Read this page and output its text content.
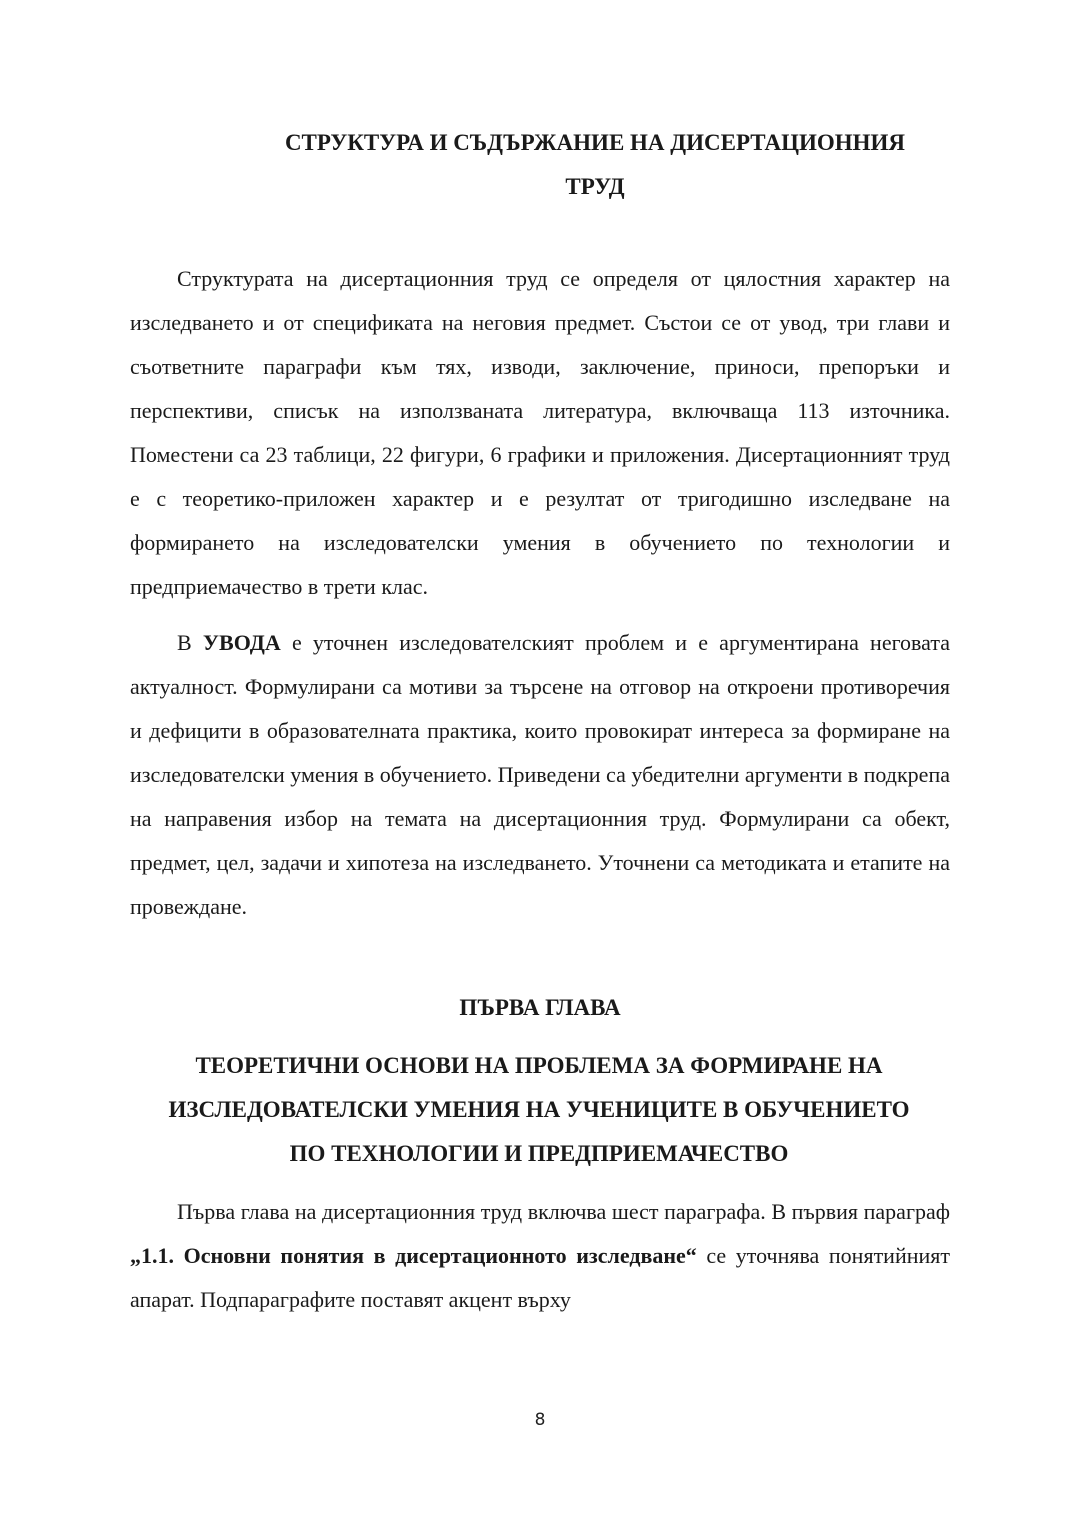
СТРУКТУРА И СЪДЪРЖАНИЕ НА ДИСЕРТАЦИОННИЯ

ТРУД

Структурата на дисертационния труд се определя от цялостния характер на изследването и от спецификата на неговия предмет. Състои се от увод, три глави и съответните параграфи към тях, изводи, заключение, приноси, препоръки и перспективи, списък на използваната литература, включваща 113 източника. Поместени са 23 таблици, 22 фигури, 6 графики и приложения. Дисертационният труд е с теоретико-приложен характер и е резултат от тригодишно изследване на формирането на изследователски умения в обучението по технологии и предприемачество в трети клас.

В УВОДА е уточнен изследователският проблем и е аргументирана неговата актуалност. Формулирани са мотиви за търсене на отговор на откроени противоречия и дефицити в образователната практика, които провокират интереса за формиране на изследователски умения в обучението. Приведени са убедителни аргументи в подкрепа на направения избор на темата на дисертационния труд. Формулирани са обект, предмет, цел, задачи и хипотеза на изследването. Уточнени са методиката и етапите на провеждане.

ПЪРВА ГЛАВА
ТЕОРЕТИЧНИ ОСНОВИ НА ПРОБЛЕМА ЗА ФОРМИРАНЕ НА
ИЗСЛЕДОВАТЕЛСКИ УМЕНИЯ НА УЧЕНИЦИТЕ В ОБУЧЕНИЕТО
ПО ТЕХНОЛОГИИ И ПРЕДПРИЕМАЧЕСТВО

Първа глава на дисертационния труд включва шест параграфа. В първия параграф „1.1. Основни понятия в дисертационното изследване“ се уточнява понятийният апарат. Подпараграфите поставят акцент върху

8
